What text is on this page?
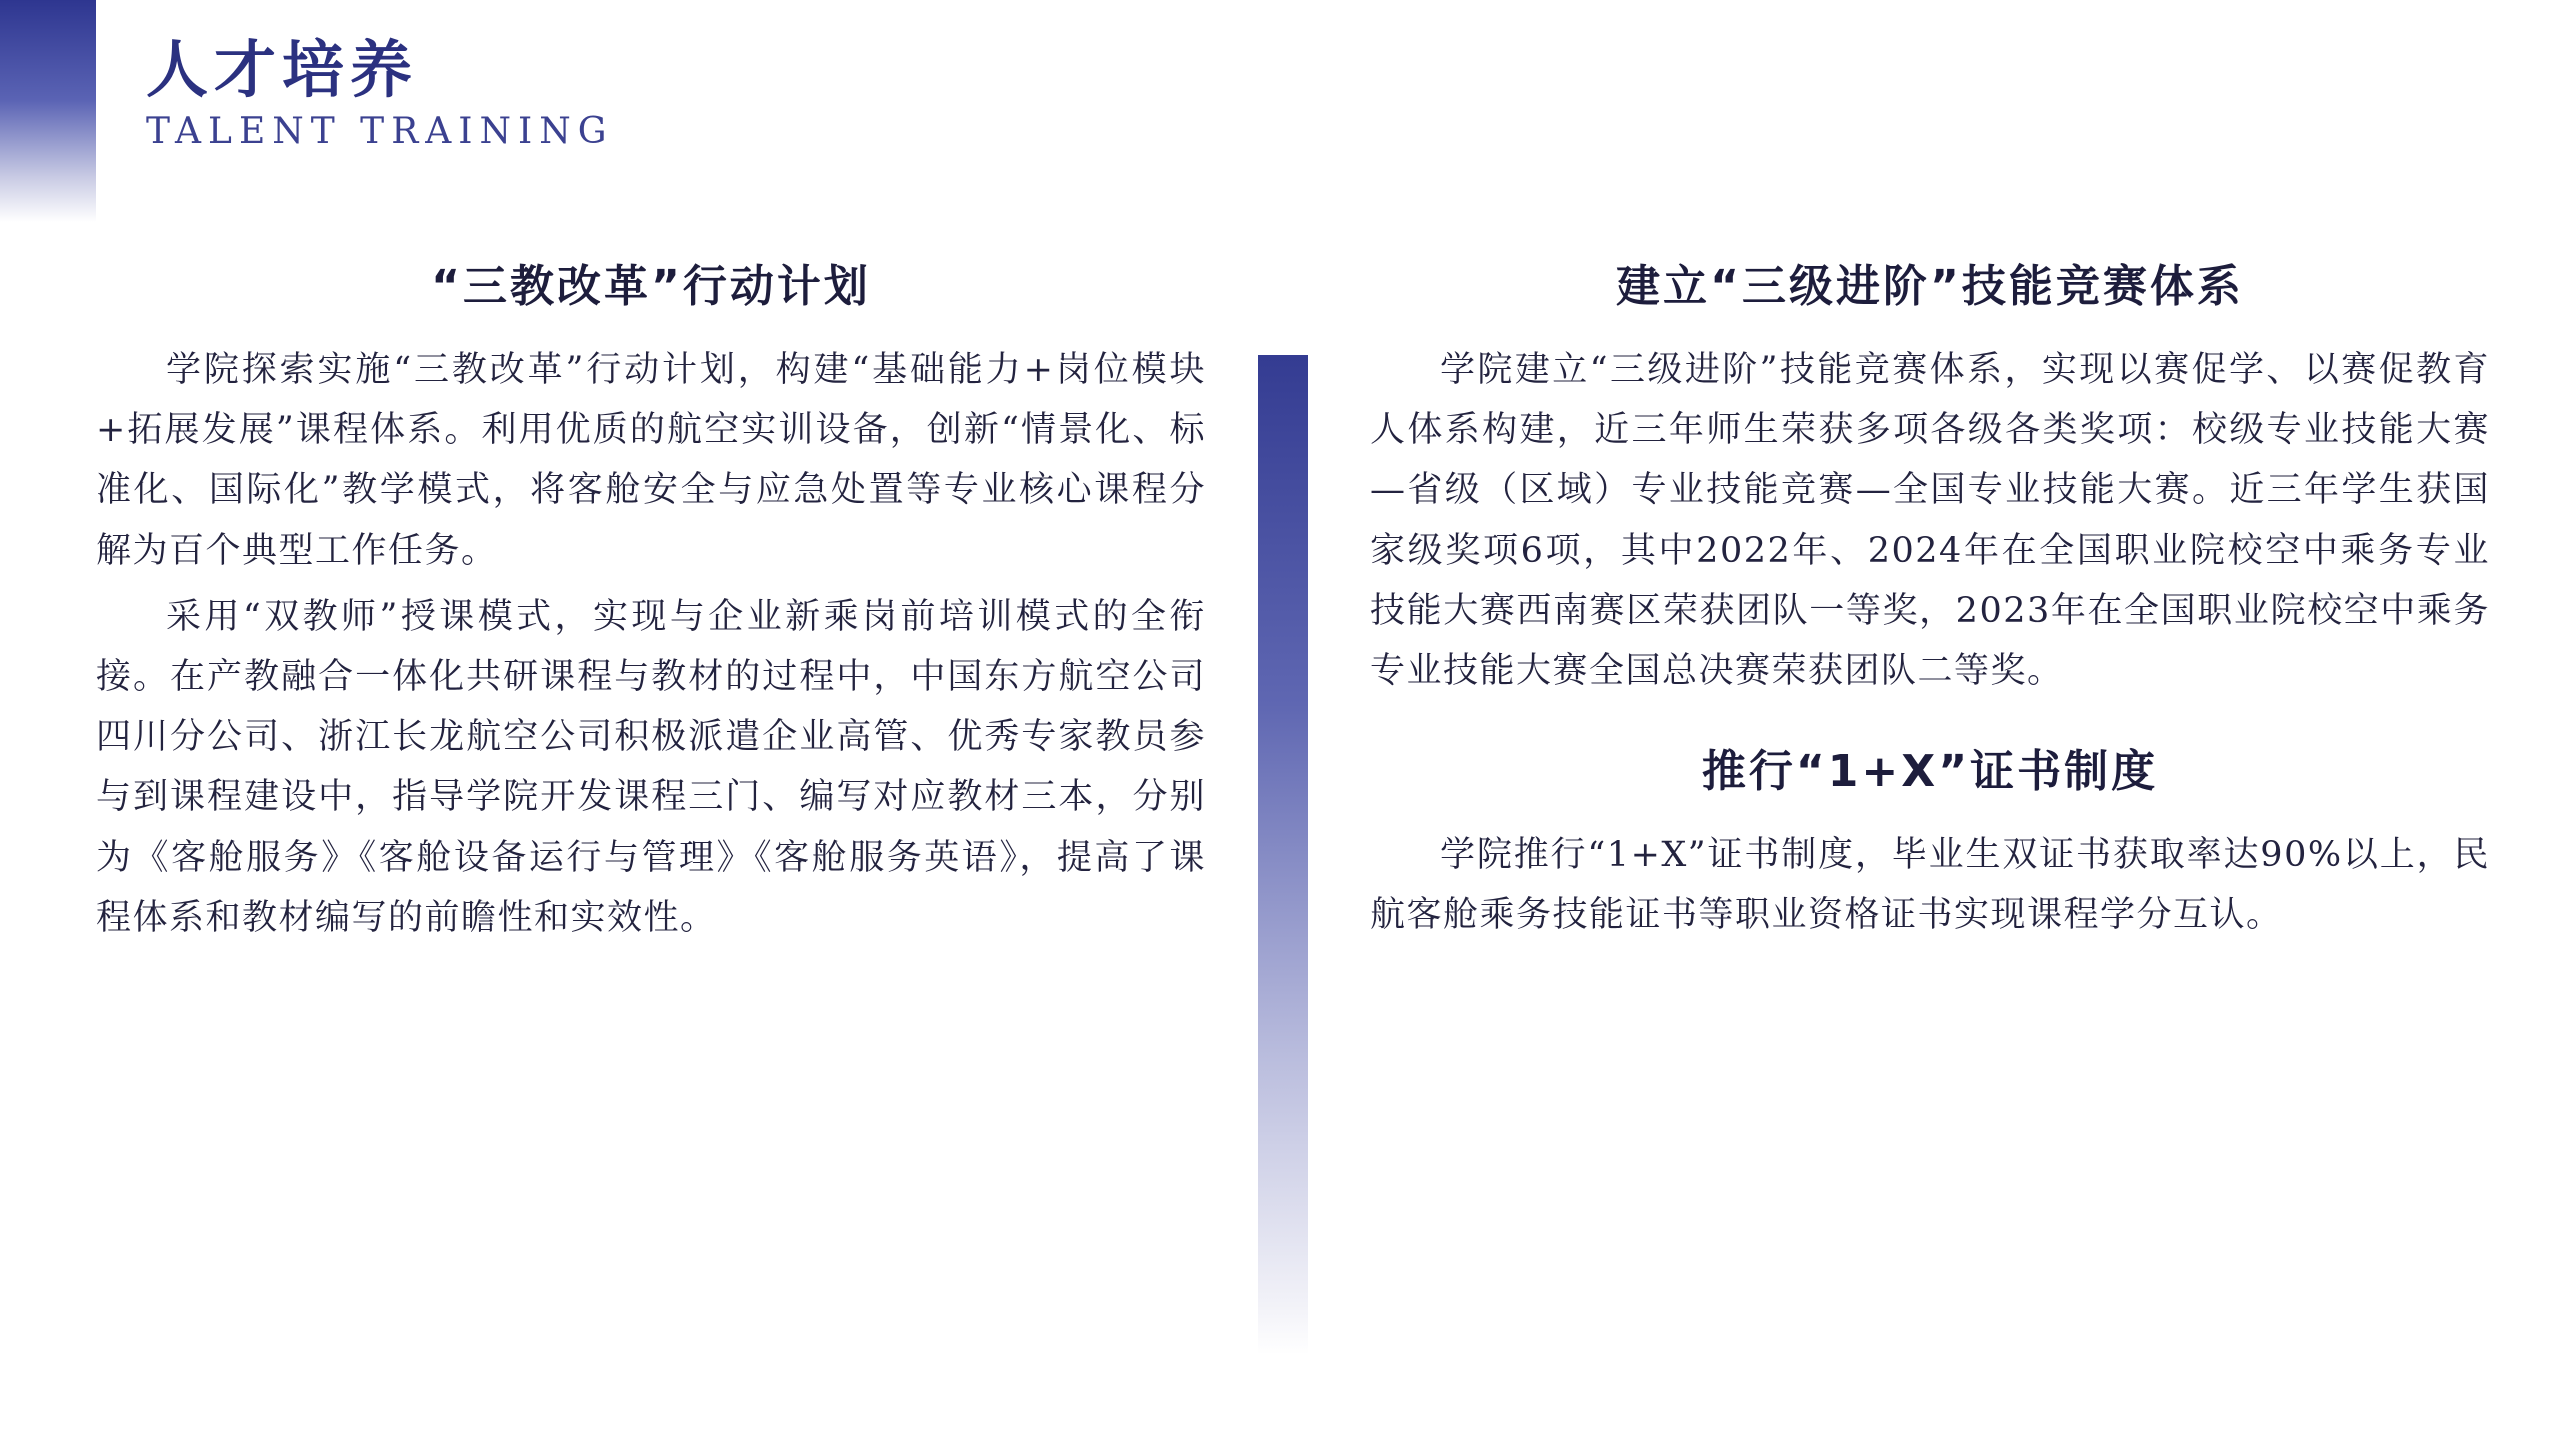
人才培养
TALENT TRAINING
“三教改革”行动计划

学院探索实施“三教改革”行动计划，构建“基础能力+岗位模块+拓展发展”课程体系。利用优质的航空实训设备，创新“情景化、标准化、国际化”教学模式，将客舱安全与应急处置等专业核心课程分解为百个典型工作任务。

采用“双教师”授课模式，实现与企业新乘岗前培训模式的全衔接。在产教融合一体化共研课程与教材的过程中，中国东方航空公司四川分公司、浙江长龙航空公司积极派遣企业高管、优秀专家教员参与到课程建设中，指导学院开发课程三门、编写对应教材三本，分别为《客舱服务》《客舱设备运行与管理》《客舱服务英语》，提高了课程体系和教材编写的前瞻性和实效性。

建立“三级进阶”技能竞赛体系

学院建立“三级进阶”技能竞赛体系，实现以赛促学、以赛促教育人体系构建，近三年师生荣获多项各级各类奖项：校级专业技能大赛—省级（区域）专业技能竞赛—全国专业技能大赛。近三年学生获国家级奖项6项，其中2022年、2024年在全国职业院校空中乘务专业技能大赛西南赛区荣获团队一等奖，2023年在全国职业院校空中乘务专业技能大赛全国总决赛荣获团队二等奖。

推行“1+X”证书制度

学院推行“1+X”证书制度，毕业生双证书获取率达90%以上，民航客舱乘务技能证书等职业资格证书实现课程学分互认。
